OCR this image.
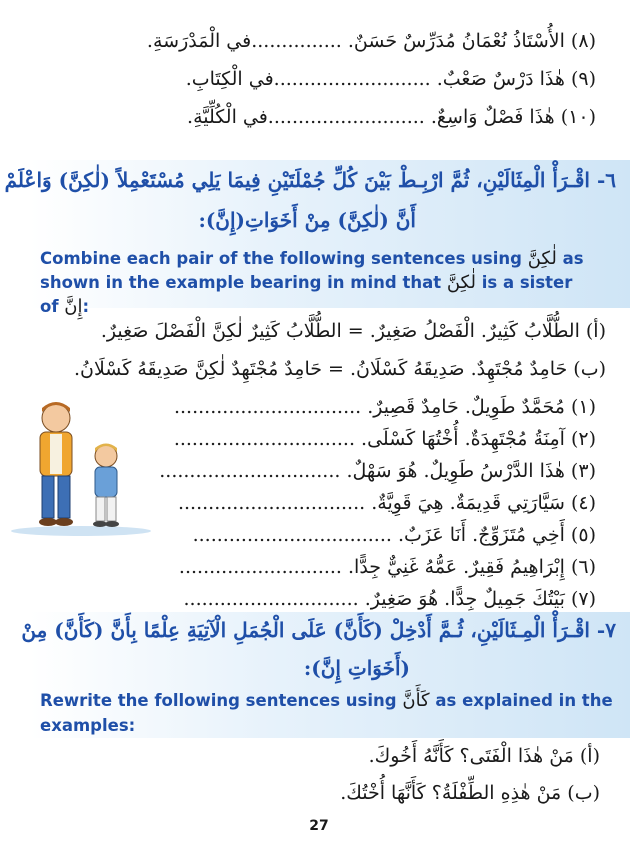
(٨) الأُسْتَاذُ نُعْمَانُ مُدَرِّسٌ حَسَنٌ. ...............في الْمَدْرَسَةِ.
(٩) هٰذَا دَرْسٌ صَعْبٌ. ..........................في الْكِتَابِ.
(١٠) هٰذَا فَصْلٌ وَاسِعٌ. ..........................في الْكُلِّيَّةِ.
٦- اقْـرَأْ الْمِثَالَيْنِ، ثُمَّ ارْبِـطْ بَيْنَ كُلِّ جُمْلَتَيْنِ فِيمَا يَلِي مُسْتَعْمِلاً (لٰكِنَّ) وَاعْلَمْ
أَنَّ (لٰكِنَّ) مِنْ أَخَوَاتِ(إِنَّ):
Combine each pair of the following sentences using لٰكِنَّ as
shown in the example bearing in mind that لٰكِنَّ is a sister
of إِنَّ:
(أ) الطُّلَّابُ كَثِيرٌ. الْفَصْلُ صَغِيرٌ. = الطُّلَّابُ كَثِيرٌ لٰكِنَّ الْفَصْلَ صَغِيرٌ.
(ب) حَامِدٌ مُجْتَهِدٌ. صَدِيقَهُ كَسْلَانُ. = حَامِدٌ مُجْتَهِدٌ لٰكِنَّ صَدِيقَهُ كَسْلَانُ.
(١) مُحَمَّدٌ طَوِيلٌ. حَامِدٌ قَصِيرٌ. ...............................
(٢) آمِنَةُ مُجْتَهِدَةٌ. أُخْتُهَا كَسْلَى. ..............................
(٣) هٰذَا الدَّرْسُ طَوِيلٌ. هُوَ سَهْلٌ. ..............................
(٤) سَيَّارَتِي قَدِيمَةٌ. هِيَ قَوِيَّةٌ. ...............................
(٥) أَخِي مُتَزَوِّجٌ. أَنَا عَزَبٌ. .................................
(٦) إِبْرَاهِيمُ فَقِيرٌ. عَمُّهُ غَنِيٌّ جِدًّا. ...........................
(٧) بَيْتُكَ جَمِيلٌ جِدًّا. هُوَ صَغِيرٌ. .............................
٧- اقْـرَأْ الْمِـثَالَيْنِ، ثُـمَّ أَدْخِلْ (كَأَنَّ) عَلَى الْجُمَلِ الْآتِيَةِ عِلْمًا بِأَنَّ (كَأَنَّ) مِنْ
(أَخَوَاتِ إِنَّ):
Rewrite the following sentences using كَأَنَّ as explained in the
examples:
(أ) مَنْ هٰذَا الْفَتَى؟ كَأَنَّهُ أَخُوكَ.
(ب) مَنْ هٰذِهِ الطِّفْلَةُ؟ كَأَنَّهَا أُخْتُكَ.
27
